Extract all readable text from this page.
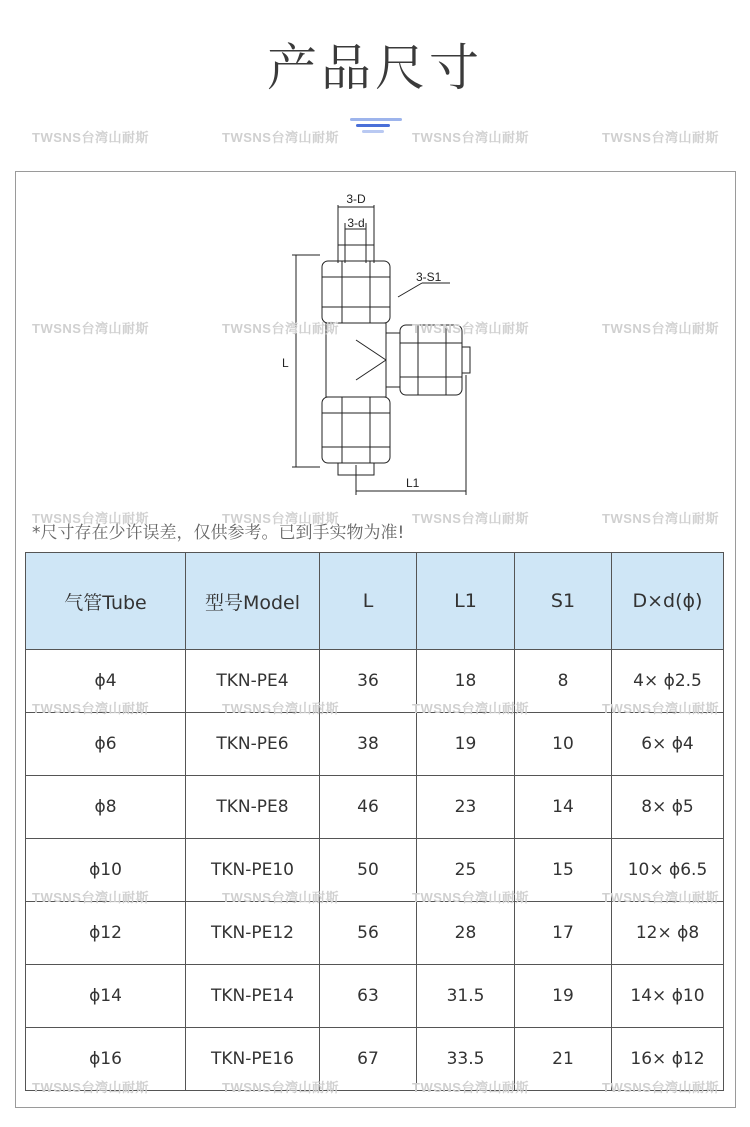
产品尺寸
3-D
3-d
3-S1
L
L1
*尺寸存在少许误差，仅供参考。已到手实物为准!
气管Tube	型号Model	L	L1	S1	D×d(ϕ)
ϕ4	TKN-PE4	36	18	8	4× ϕ2.5
ϕ6	TKN-PE6	38	19	10	6× ϕ4
ϕ8	TKN-PE8	46	23	14	8× ϕ5
ϕ10	TKN-PE10	50	25	15	10× ϕ6.5
ϕ12	TKN-PE12	56	28	17	12× ϕ8
ϕ14	TKN-PE14	63	31.5	19	14× ϕ10
ϕ16	TKN-PE16	67	33.5	21	16× ϕ12
TWSNS台湾山耐斯	TWSNS台湾山耐斯	TWSNS台湾山耐斯	TWSNS台湾山耐斯
TWSNS台湾山耐斯	TWSNS台湾山耐斯	TWSNS台湾山耐斯	TWSNS台湾山耐斯
TWSNS台湾山耐斯	TWSNS台湾山耐斯	TWSNS台湾山耐斯	TWSNS台湾山耐斯
TWSNS台湾山耐斯	TWSNS台湾山耐斯	TWSNS台湾山耐斯	TWSNS台湾山耐斯
TWSNS台湾山耐斯	TWSNS台湾山耐斯	TWSNS台湾山耐斯	TWSNS台湾山耐斯
TWSNS台湾山耐斯	TWSNS台湾山耐斯	TWSNS台湾山耐斯	TWSNS台湾山耐斯
